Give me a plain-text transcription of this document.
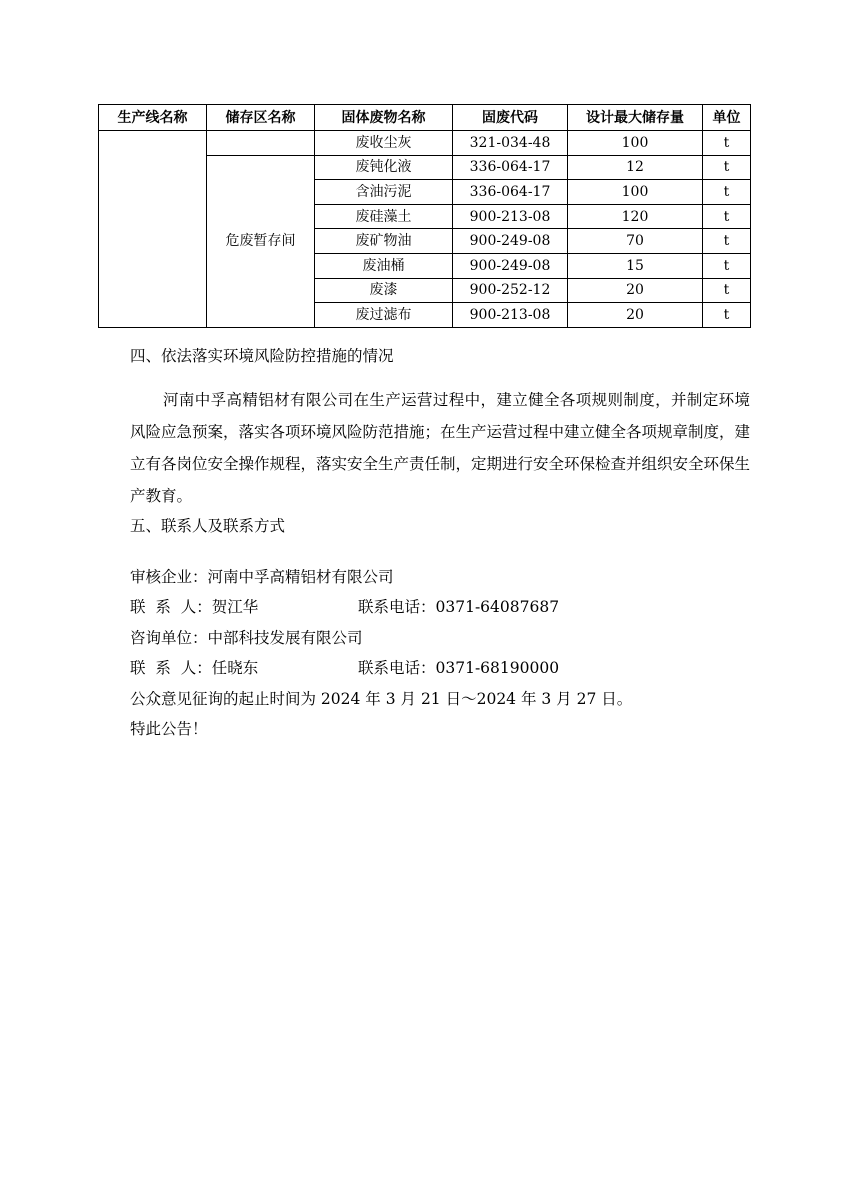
生产线名称	储存区名称	固体废物名称	固废代码	设计最大储存量	单位
		废收尘灰	321-034-48	100	t
	危废暂存间	废钝化液	336-064-17	12	t
		含油污泥	336-064-17	100	t
		废硅藻土	900-213-08	120	t
		废矿物油	900-249-08	70	t
		废油桶	900-249-08	15	t
		废漆	900-252-12	20	t
		废过滤布	900-213-08	20	t
四、依法落实环境风险防控措施的情况
河南中孚高精铝材有限公司在生产运营过程中，建立健全各项规则制度，并制定环境风险应急预案，落实各项环境风险防范措施；在生产运营过程中建立健全各项规章制度，建立有各岗位安全操作规程，落实安全生产责任制，定期进行安全环保检查并组织安全环保生产教育。
五、联系人及联系方式
审核企业：河南中孚高精铝材有限公司
联  系  人：贺江华	联系电话：0371-64087687
咨询单位：中部科技发展有限公司
联  系  人：任晓东	联系电话：0371-68190000
公众意见征询的起止时间为 2024 年 3 月 21 日～2024 年 3 月 27 日。
特此公告！
